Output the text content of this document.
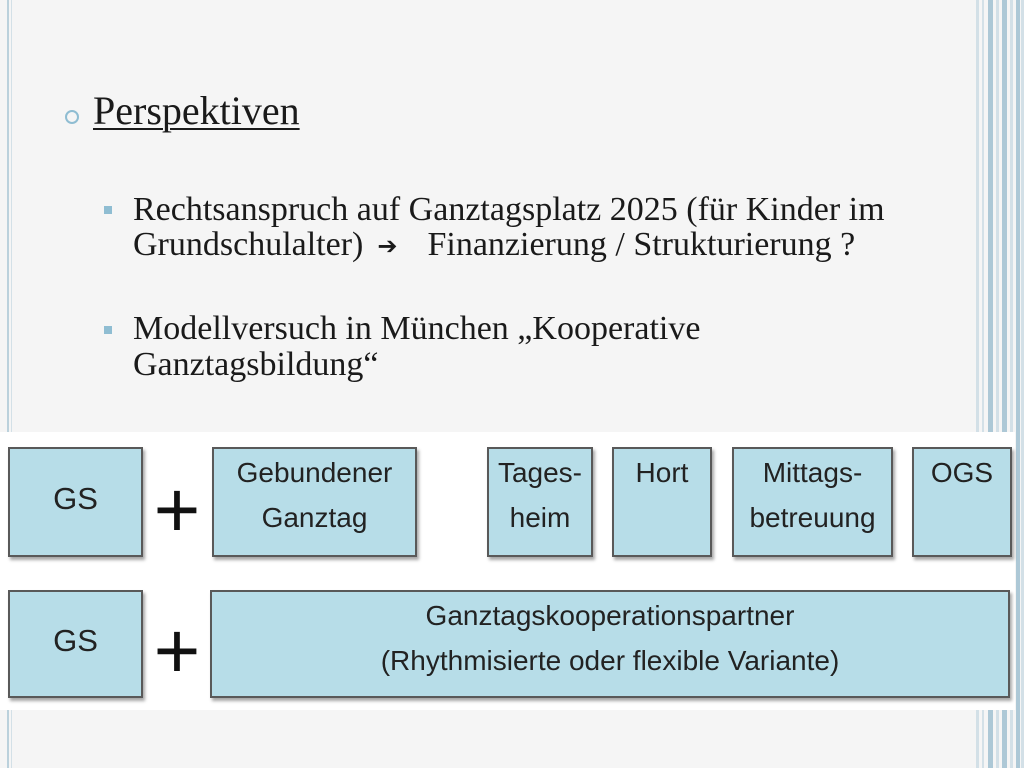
Perspektiven
Rechtsanspruch auf Ganztagsplatz 2025 (für Kinder im
Grundschulalter) ➔ Finanzierung / Strukturierung ?
Modellversuch in München „Kooperative
Ganztagsbildung“
GS +	Gebundener
Ganztag
Tages-
heim
Hort	Mittags-
betreuung
OGS
GS +	Ganztagskooperationspartner
(Rhythmisierte oder flexible Variante)
